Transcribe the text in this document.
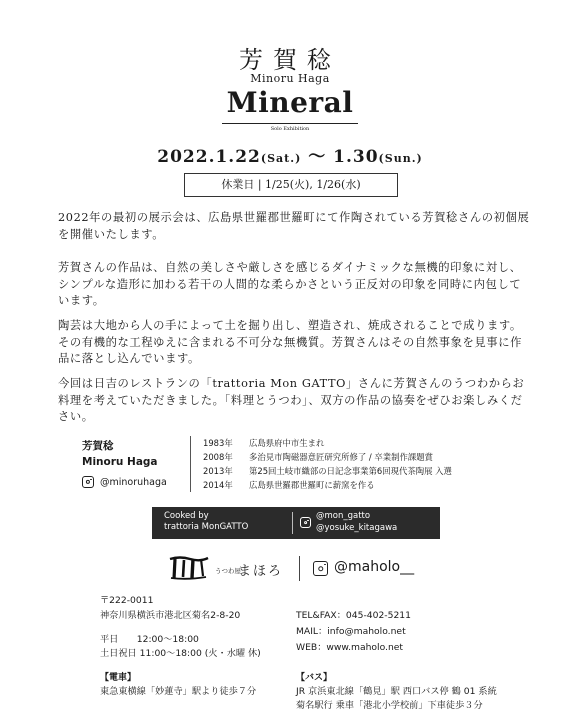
芳賀稔
Minoru Haga
Mineral
Solo Exhibition
2022.1.22(Sat.) 〜 1.30(Sun.)
休業日 | 1/25(火), 1/26(水)

2022年の最初の展示会は、広島県世羅郡世羅町にて作陶されている芳賀稔さんの初個展を開催いたします。

芳賀さんの作品は、自然の美しさや厳しさを感じるダイナミックな無機的印象に対し、シンプルな造形に加わる若干の人間的な柔らかさという正反対の印象を同時に内包しています。

陶芸は大地から人の手によって土を掘り出し、塑造され、焼成されることで成ります。その有機的な工程ゆえに含まれる不可分な無機質。芳賀さんはその自然事象を見事に作品に落とし込んでいます。

今回は日吉のレストランの「trattoria Mon GATTO」さんに芳賀さんのうつわからお料理を考えていただきました。「料理とうつわ」、双方の作品の協奏をぜひお楽しみください。

芳賀稔
Minoru Haga
@minoruhaga
1983年 広島県府中市生まれ
2008年 多治見市陶磁器意匠研究所修了 / 卒業制作課題賞
2013年 第25回土岐市織部の日記念事業第6回現代茶陶展 入選
2014年 広島県世羅郡世羅町に薪窯を作る
Cooked by
trattoria MonGATTO
@mon_gatto
@yosuke_kitagawa
うつわ屋
まほろ	@maholo__
〒222-0011
神奈川県横浜市港北区菊名2-8-20
平日　　12:00〜18:00
土日祝日 11:00〜18:00 (火・水曜 休)
TEL&FAX：045-402-5211
MAIL：info@maholo.net
WEB：www.maholo.net
【電車】
東急東横線「妙蓮寺」駅より徒歩７分
【バス】
JR 京浜東北線「鶴見」駅 西口バス停 鶴 01 系統
菊名駅行 乗車「港北小学校前」下車徒歩３分
